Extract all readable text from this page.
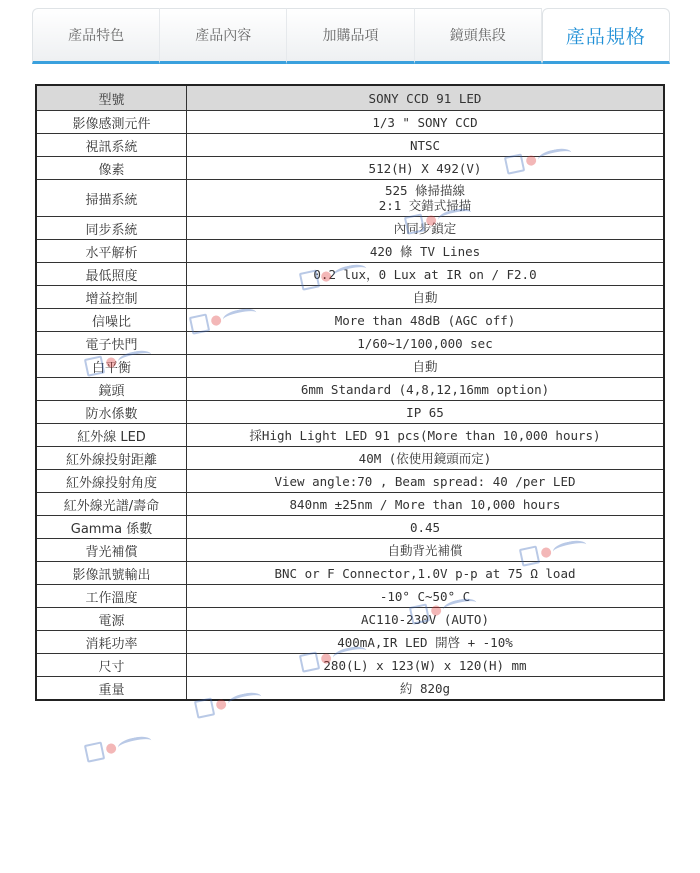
產品特色	產品內容	加購品項	鏡頭焦段	產品規格
型號	SONY CCD 91 LED
影像感測元件	1/3 " SONY CCD
視訊系統	NTSC
像素	512(H) X 492(V)
掃描系統	525 條掃描線
2:1 交錯式掃描

同步系統	內同步鎖定
水平解析	420 條 TV Lines
最低照度	0.2 lux，0 Lux at IR on / F2.0
增益控制	自動
信噪比	More than 48dB (AGC off)
電子快門	1/60~1/100,000 sec
白平衡	自動
鏡頭	6mm Standard (4,8,12,16mm option)
防水係數	IP 65
紅外線 LED	採High Light LED 91 pcs(More than 10,000 hours)
紅外線投射距離	40M (依使用鏡頭而定)
紅外線投射角度	View angle:70 , Beam spread: 40 /per LED
紅外線光譜/壽命	840nm ±25nm / More than 10,000 hours
Gamma 係數	0.45
背光補償	自動背光補償
影像訊號輸出	BNC or F Connector,1.0V p-p at 75 Ω load
工作溫度	-10° C~50° C
電源	AC110-230V (AUTO)
消耗功率	400mA,IR LED 開啓 + -10%
尺寸	280(L) x 123(W) x 120(H) mm
重量	約 820g
